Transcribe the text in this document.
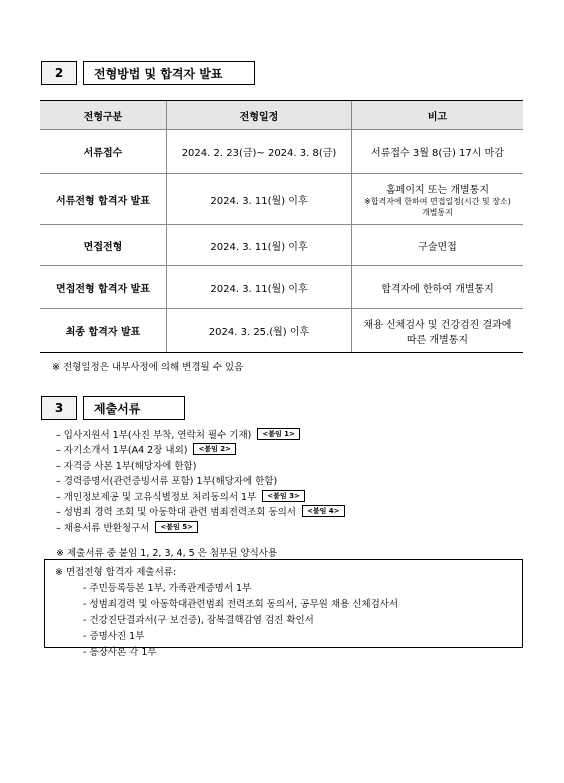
2	전형방법 및 합격자 발표
전형구분	전형일정	비고
서류접수	2024. 2. 23(금)~ 2024. 3. 8(금)	서류접수 3월 8(금) 17시 마감
서류전형 합격자 발표	2024. 3. 11(월) 이후	홈페이지 또는 개별통지
※합격자에 한하여 면접일정(시간 및 장소)
개별통지

면접전형	2024. 3. 11(월) 이후	구술면접
면접전형 합격자 발표	2024. 3. 11(월) 이후	합격자에 한하여 개별통지
최종 합격자 발표	2024. 3. 25.(월) 이후	채용 신체검사 및 건강검진 결과에
따른 개별통지
※ 전형일정은 내부사정에 의해 변경될 수 있음
3	제출서류
– 입사지원서 1부(사진 부착, 연락처 필수 기재)	<붙임 1>
– 자기소개서 1부(A4 2장 내외)	<붙임 2>
– 자격증 사본 1부(해당자에 한함)
– 경력증명서(관련증빙서류 포함) 1부(해당자에 한함)
– 개인정보제공 및 고유식별정보 처리동의서 1부	<붙임 3>
– 성범죄 경력 조회 및 아동학대 관련 범죄전력조회 동의서	<붙임 4>
– 채용서류 반환청구서	<붙임 5>
※ 제출서류 중 붙임 1, 2, 3, 4, 5 은 첨부된 양식사용
※ 면접전형 합격자 제출서류:
- 주민등록등본 1부, 가족관계증명서 1부
- 성범죄경력 및 아동학대관련범죄 전력조회 동의서, 공무원 채용 신체검사서
- 건강진단결과서(구 보건증), 잠복결핵감염 검진 확인서
- 증명사진 1부
- 통장사본 각 1부
